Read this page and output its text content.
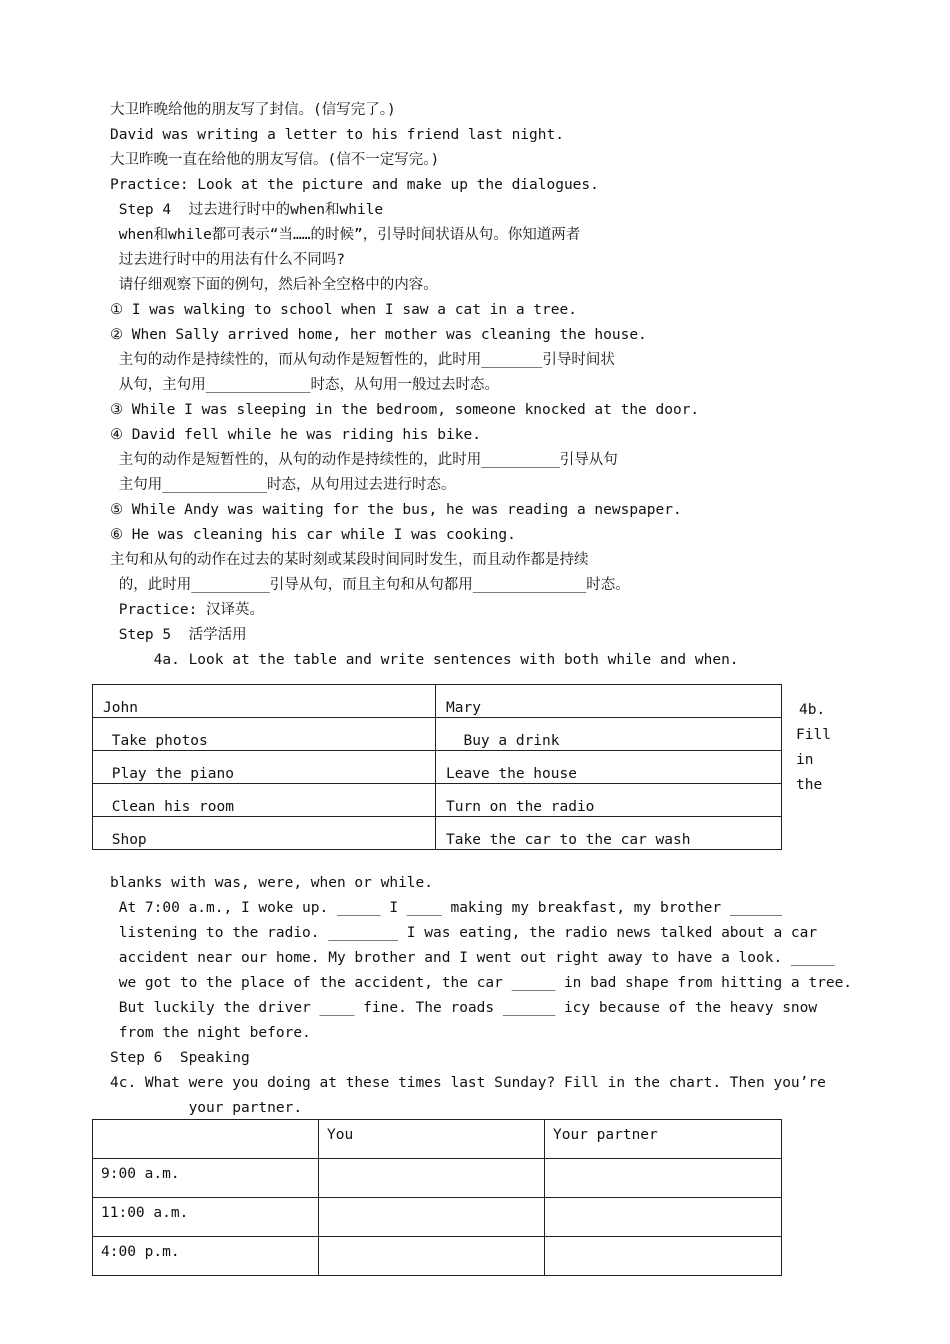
大卫昨晚给他的朋友写了封信。(信写完了。)
David was writing a letter to his friend last night.
大卫昨晚一直在给他的朋友写信。(信不一定写完。)
Practice: Look at the picture and make up the dialogues.
Step 4  过去进行时中的when和while
when和while都可表示“当……的时候”，引导时间状语从句。你知道两者
过去进行时中的用法有什么不同吗?
请仔细观察下面的例句，然后补全空格中的内容。
① I was walking to school when I saw a cat in a tree.
② When Sally arrived home, her mother was cleaning the house.
主句的动作是持续性的，而从句动作是短暂性的，此时用_______引导时间状
从句，主句用____________时态，从句用一般过去时态。
③ While I was sleeping in the bedroom, someone knocked at the door.
④ David fell while he was riding his bike.
主句的动作是短暂性的，从句的动作是持续性的，此时用_________引导从句
主句用____________时态，从句用过去进行时态。
⑤ While Andy was waiting for the bus, he was reading a newspaper.
⑥ He was cleaning his car while I was cooking.
主句和从句的动作在过去的某时刻或某段时间同时发生，而且动作都是持续
的，此时用_________引导从句，而且主句和从句都用_____________时态。
Practice: 汉译英。
Step 5  活学活用
4a. Look at the table and write sentences with both while and when.
John	Mary
Take photos	Buy a drink
Play the piano	Leave the house
Clean his room	Turn on the radio
Shop	Take the car to the car wash
4b.
Fill
in
the
blanks with was, were, when or while.
At 7:00 a.m., I woke up. _____ I ____ making my breakfast, my brother ______
listening to the radio. ________ I was eating, the radio news talked about a car
accident near our home. My brother and I went out right away to have a look. _____
we got to the place of the accident, the car _____ in bad shape from hitting a tree.
But luckily the driver ____ fine. The roads ______ icy because of the heavy snow
from the night before.
Step 6  Speaking
4c. What were you doing at these times last Sunday? Fill in the chart. Then you’re
your partner.
	You	Your partner
9:00 a.m.		
11:00 a.m.		
4:00 p.m.		
